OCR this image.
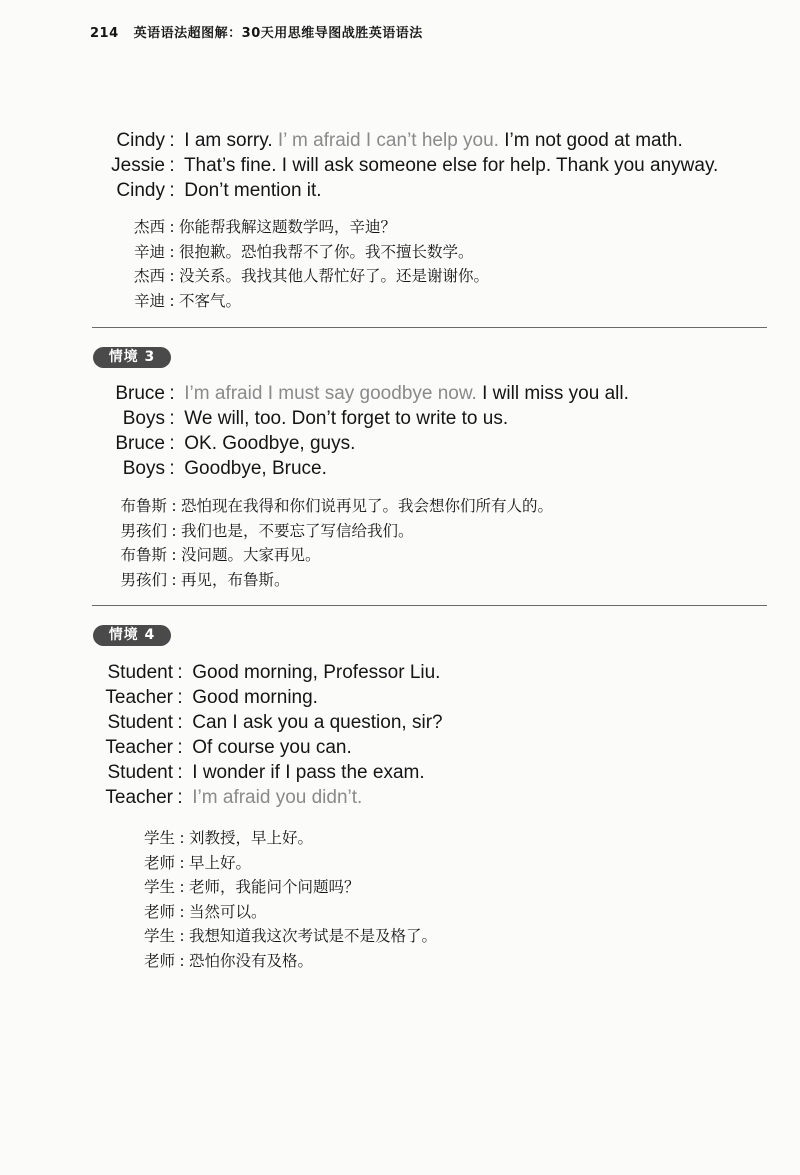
214 英语语法超图解：30天用思维导图战胜英语语法
Cindy : I am sorry. I’ m afraid I can’t help you. I’m not good at math.
Jessie : That’s fine. I will ask someone else for help. Thank you anyway.
Cindy : Don’t mention it.
杰西 : 你能帮我解这题数学吗，辛迪？
辛迪 : 很抱歉。恐怕我帮不了你。我不擅长数学。
杰西 : 没关系。我找其他人帮忙好了。还是谢谢你。
辛迪 : 不客气。
情境 3
Bruce : I’m afraid I must say goodbye now. I will miss you all.
Boys : We will, too. Don’t forget to write to us.
Bruce : OK. Goodbye, guys.
Boys : Goodbye, Bruce.
布鲁斯 : 恐怕现在我得和你们说再见了。我会想你们所有人的。
男孩们 : 我们也是，不要忘了写信给我们。
布鲁斯 : 没问题。大家再见。
男孩们 : 再见，布鲁斯。
情境 4
Student : Good morning, Professor Liu.
Teacher : Good morning.
Student : Can I ask you a question, sir?
Teacher : Of course you can.
Student : I wonder if I pass the exam.
Teacher : I’m afraid you didn’t.
学生 : 刘教授，早上好。
老师 : 早上好。
学生 : 老师，我能问个问题吗？
老师 : 当然可以。
学生 : 我想知道我这次考试是不是及格了。
老师 : 恐怕你没有及格。
